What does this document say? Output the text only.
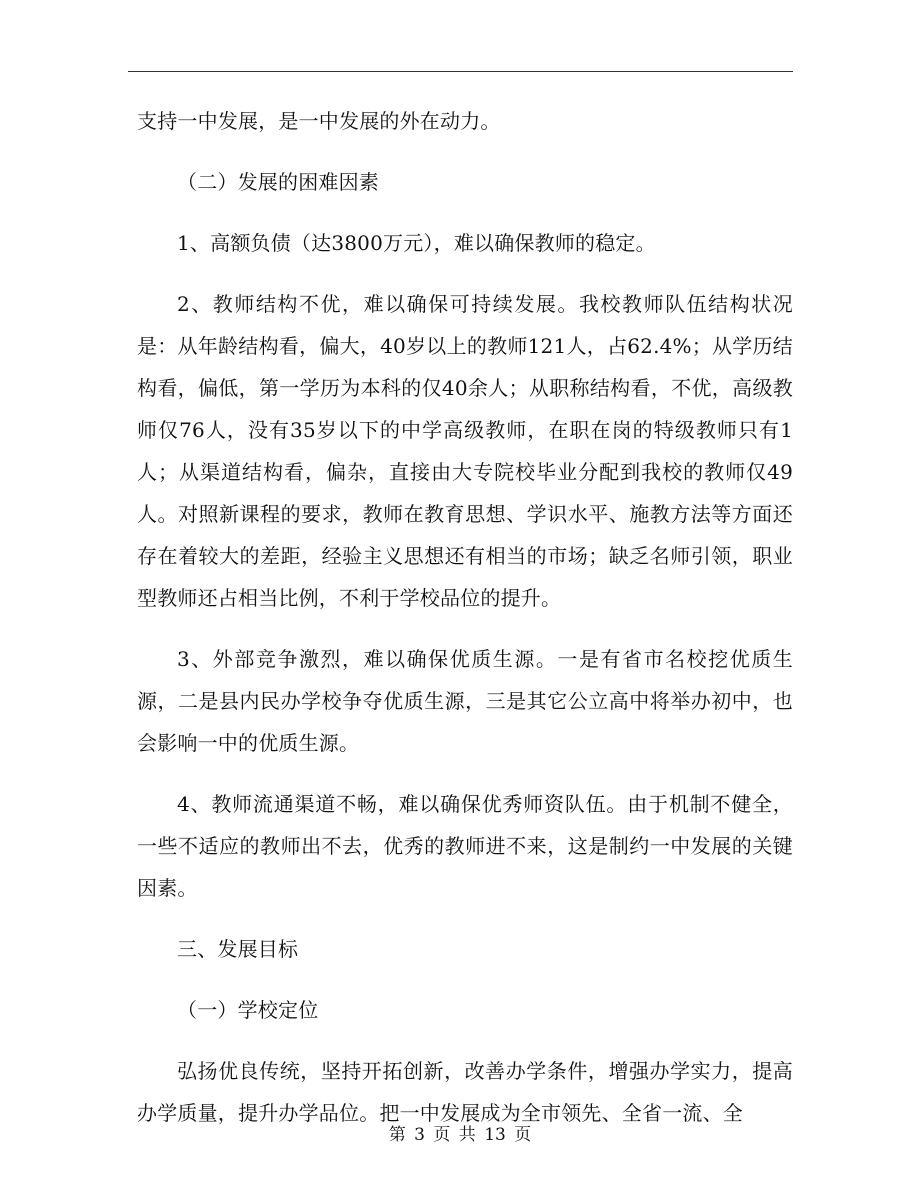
支持一中发展，是一中发展的外在动力。

（二）发展的困难因素

1、高额负债（达3800万元），难以确保教师的稳定。

2、教师结构不优，难以确保可持续发展。我校教师队伍结构状况是：从年龄结构看，偏大，40岁以上的教师121人，占62.4%；从学历结构看，偏低，第一学历为本科的仅40余人；从职称结构看，不优，高级教师仅76人，没有35岁以下的中学高级教师，在职在岗的特级教师只有1人；从渠道结构看，偏杂，直接由大专院校毕业分配到我校的教师仅49人。对照新课程的要求，教师在教育思想、学识水平、施教方法等方面还存在着较大的差距，经验主义思想还有相当的市场；缺乏名师引领，职业型教师还占相当比例，不利于学校品位的提升。

3、外部竞争激烈，难以确保优质生源。一是有省市名校挖优质生源，二是县内民办学校争夺优质生源，三是其它公立高中将举办初中，也会影响一中的优质生源。

4、教师流通渠道不畅，难以确保优秀师资队伍。由于机制不健全，一些不适应的教师出不去，优秀的教师进不来，这是制约一中发展的关键因素。

三、发展目标

（一）学校定位

弘扬优良传统，坚持开拓创新，改善办学条件，增强办学实力，提高办学质量，提升办学品位。把一中发展成为全市领先、全省一流、全

第 3 页 共 13 页
